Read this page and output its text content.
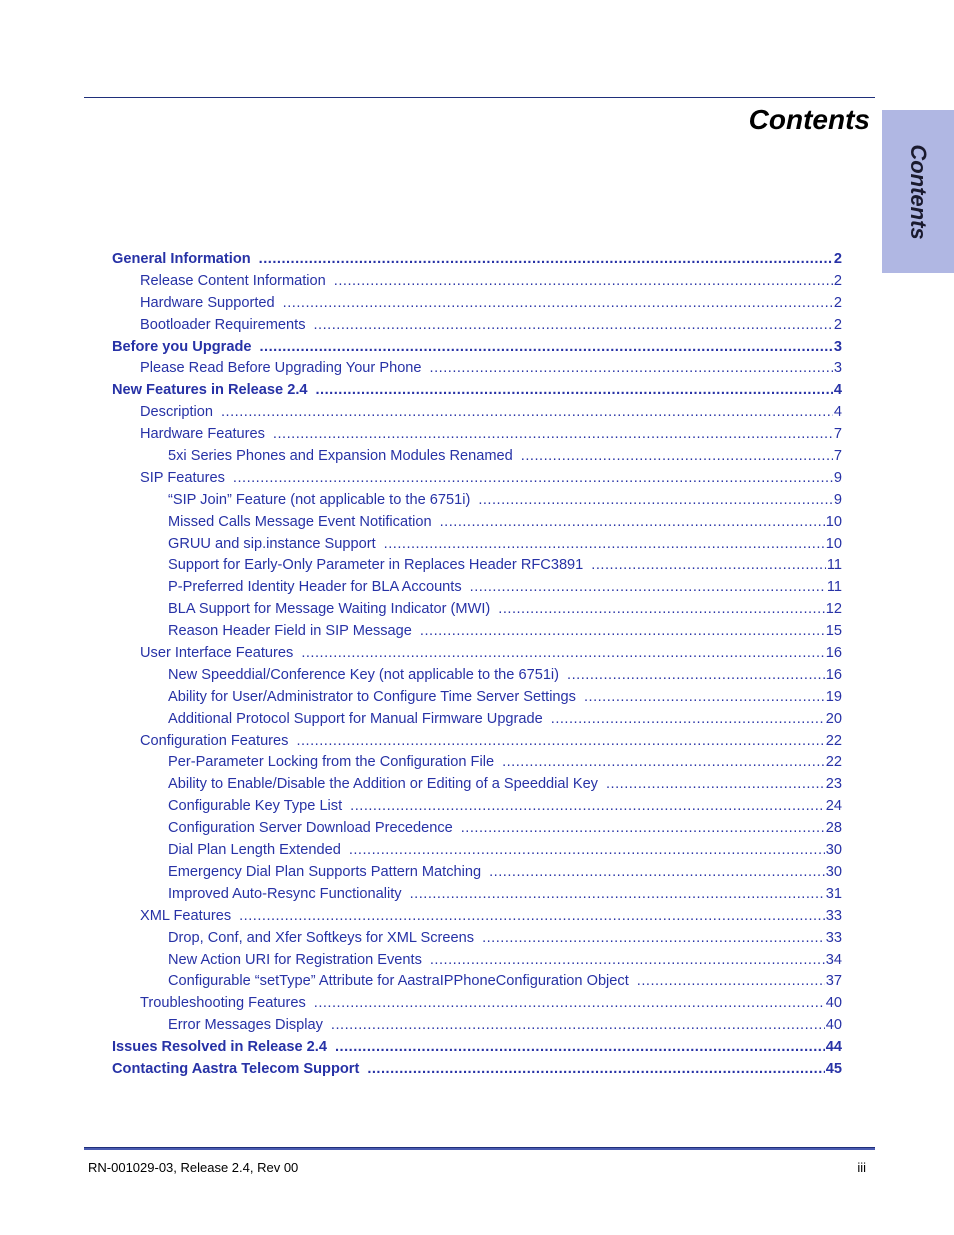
Contents
Contents
General Information .....	2
Release Content Information .....	2
Hardware Supported .....	2
Bootloader Requirements .....	2
Before you Upgrade .....	3
Please Read Before Upgrading Your Phone .....	3
New Features in Release 2.4 .....	4
Description .....	4
Hardware Features .....	7
5xi Series Phones and Expansion Modules Renamed .....	7
SIP Features .....	9
“SIP Join” Feature (not applicable to the 6751i) .....	9
Missed Calls Message Event Notification .....	10
GRUU and sip.instance Support .....	10
Support for Early-Only Parameter in Replaces Header RFC3891 .....	11
P-Preferred Identity Header for BLA Accounts .....	11
BLA Support for Message Waiting Indicator (MWI) .....	12
Reason Header Field in SIP Message .....	15
User Interface Features .....	16
New Speeddial/Conference Key (not applicable to the 6751i) .....	16
Ability for User/Administrator to Configure Time Server Settings .....	19
Additional Protocol Support for Manual Firmware Upgrade .....	20
Configuration Features .....	22
Per-Parameter Locking from the Configuration File .....	22
Ability to Enable/Disable the Addition or Editing of a Speeddial Key .....	23
Configurable Key Type List .....	24
Configuration Server Download Precedence .....	28
Dial Plan Length Extended .....	30
Emergency Dial Plan Supports Pattern Matching .....	30
Improved Auto-Resync Functionality .....	31
XML Features .....	33
Drop, Conf, and Xfer Softkeys for XML Screens .....	33
New Action URI for Registration Events .....	34
Configurable “setType” Attribute for AastraIPPhoneConfiguration Object .....	37
Troubleshooting Features .....	40
Error Messages Display .....	40
Issues Resolved in Release 2.4 .....	44
Contacting Aastra Telecom Support .....	45
RN-001029-03, Release 2.4, Rev 00	iii
